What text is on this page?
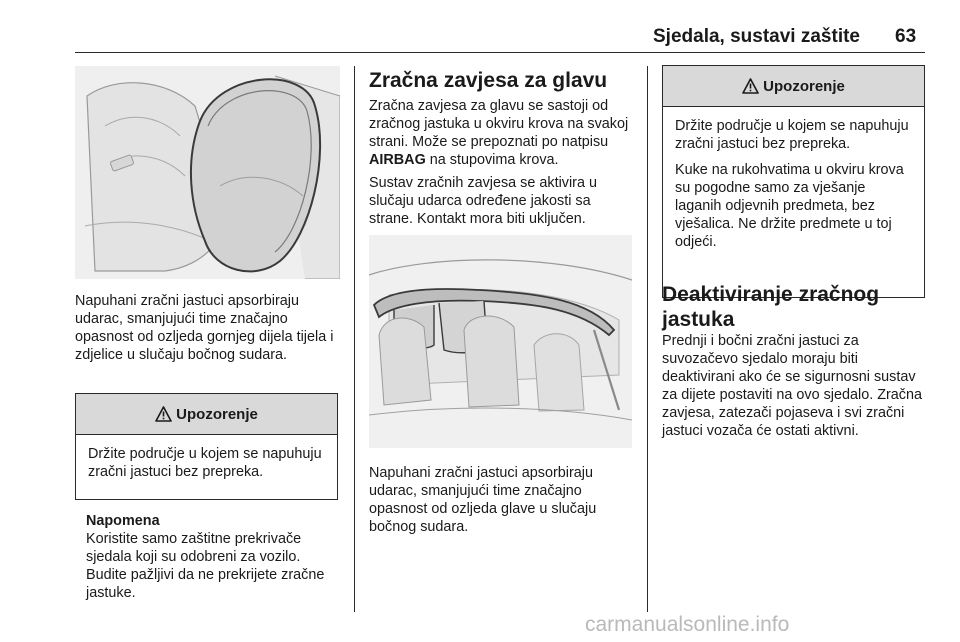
Sjedala, sustavi zaštite 63

Napuhani zračni jastuci apsorbiraju udarac, smanjujući time značajno opasnost od ozljeda gornjeg dijela tijela i zdjelice u slučaju bočnog sudara.

Upozorenje

Držite područje u kojem se napuhuju zračni jastuci bez prepreka.

Napomena

Koristite samo zaštitne prekrivače sjedala koji su odobreni za vozilo. Budite pažljivi da ne prekrijete zračne jastuke.

Zračna zavjesa za glavu

Zračna zavjesa za glavu se sastoji od zračnog jastuka u okviru krova na svakoj strani. Može se prepoznati po natpisu AIRBAG na stupovima krova.

Sustav zračnih zavjesa se aktivira u slučaju udarca određene jakosti sa strane. Kontakt mora biti uključen.

Napuhani zračni jastuci apsorbiraju udarac, smanjujući time značajno opasnost od ozljeda glave u slučaju bočnog sudara.

Upozorenje

Držite područje u kojem se napuhuju zračni jastuci bez prepreka.

Kuke na rukohvatima u okviru krova su pogodne samo za vješanje laganih odjevnih predmeta, bez vješalica. Ne držite predmete u toj odjeći.

Deaktiviranje zračnog jastuka

Prednji i bočni zračni jastuci za suvozačevo sjedalo moraju biti deaktivirani ako će se sigurnosni sustav za dijete postaviti na ovo sjedalo. Zračna zavjesa, zatezači pojaseva i svi zračni jastuci vozača će ostati aktivni.

carmanualsonline.info
